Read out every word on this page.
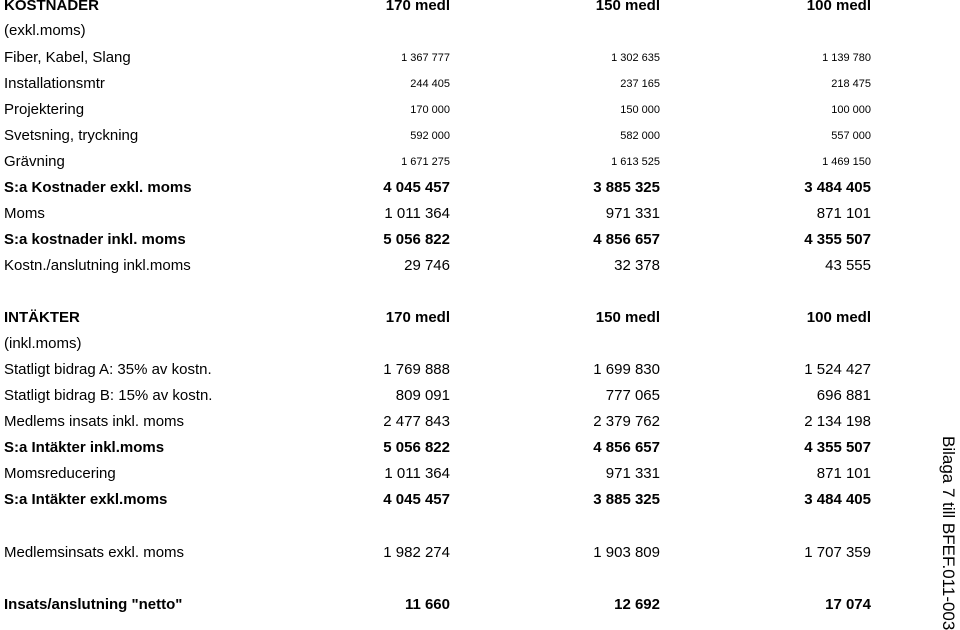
KOSTNADER	170 medl	150 medl	100 medl
(exkl.moms)
Fiber, Kabel, Slang	1 367 777	1 302 635	1 139 780
Installationsmtr	244 405	237 165	218 475
Projektering	170 000	150 000	100 000
Svetsning, tryckning	592 000	582 000	557 000
Grävning	1 671 275	1 613 525	1 469 150
S:a Kostnader exkl. moms	4 045 457	3 885 325	3 484 405
Moms	1 011 364	971 331	871 101
S:a kostnader inkl. moms	5 056 822	4 856 657	4 355 507
Kostn./anslutning inkl.moms	29 746	32 378	43 555
INTÄKTER	170 medl	150 medl	100 medl
(inkl.moms)
Statligt bidrag A: 35% av kostn.	1 769 888	1 699 830	1 524 427
Statligt bidrag B: 15% av kostn.	809 091	777 065	696 881
Medlems insats inkl. moms	2 477 843	2 379 762	2 134 198
S:a Intäkter inkl.moms	5 056 822	4 856 657	4 355 507
Momsreducering	1 011 364	971 331	871 101
S:a Intäkter exkl.moms	4 045 457	3 885 325	3 484 405
Medlemsinsats exkl. moms	1 982 274	1 903 809	1 707 359
Insats/anslutning "netto"	11 660	12 692	17 074	Bilaga 7 till BFEF.011-003
